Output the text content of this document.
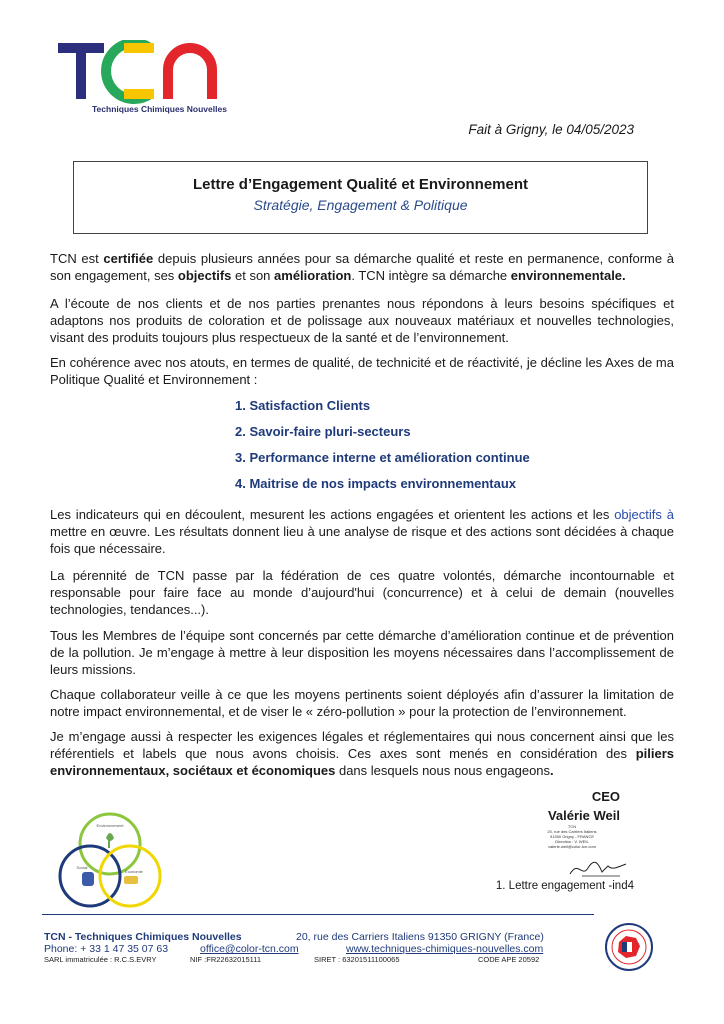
Techniques Chimiques Nouvelles
Fait à Grigny, le 04/05/2023
Lettre d’Engagement Qualité et Environnement
Stratégie, Engagement & Politique
TCN est certifiée depuis plusieurs années pour sa démarche qualité et reste en permanence, conforme à son engagement, ses objectifs et son amélioration. TCN intègre sa démarche environnementale.
A l’écoute de nos clients et de nos parties prenantes nous répondons à leurs besoins spécifiques et adaptons nos produits de coloration et de polissage aux nouveaux matériaux et nouvelles technologies, visant des produits toujours plus respectueux de la santé et de l’environnement.
En cohérence avec nos atouts, en termes de qualité, de technicité et de réactivité, je décline les Axes de ma Politique Qualité et Environnement :
1. Satisfaction Clients
2. Savoir-faire pluri-secteurs
3. Performance interne et amélioration continue
4. Maitrise de nos impacts environnementaux
Les indicateurs qui en découlent, mesurent les actions engagées et orientent les actions et les objectifs à mettre en œuvre. Les résultats donnent lieu à une analyse de risque et des actions sont décidées à chaque fois que nécessaire.
La pérennité de TCN passe par la fédération de ces quatre volontés, démarche incontournable et responsable pour faire face au monde d’aujourd'hui (concurrence) et à celui de demain (nouvelles technologies, tendances...).
Tous les Membres de l’équipe sont concernés par cette démarche d’amélioration continue et de prévention de la pollution. Je m’engage à mettre à leur disposition les moyens nécessaires dans l’accomplissement de leurs missions.
Chaque collaborateur veille à ce que les moyens pertinents soient déployés afin d’assurer la limitation de notre impact environnemental, et de viser le « zéro-pollution » pour la protection de l’environnement.
Je m’engage aussi à respecter les exigences légales et réglementaires qui nous concernent ainsi que les référentiels et labels que nous avons choisis. Ces axes sont menés en considération des piliers environnementaux, sociétaux et économiques dans lesquels nous nous engageons.
CEO
Valérie Weil
TCN
20, rue des Carriers Italiens
91350 Grigny - FRANCE
Direction : V. WEIL
valerie.weil@color-tcn.com
1. Lettre engagement -ind4
Environnement
Social
Économie
TCN - Techniques Chimiques Nouvelles	20, rue des Carriers Italiens 91350 GRIGNY (France)
Phone: + 33 1 47 35 07 63	office@color-tcn.com	www.techniques-chimiques-nouvelles.com
SARL immatriculée : R.C.S.EVRY	NIF :FR22632015111	SIRET : 63201511100065	CODE APE 20592
